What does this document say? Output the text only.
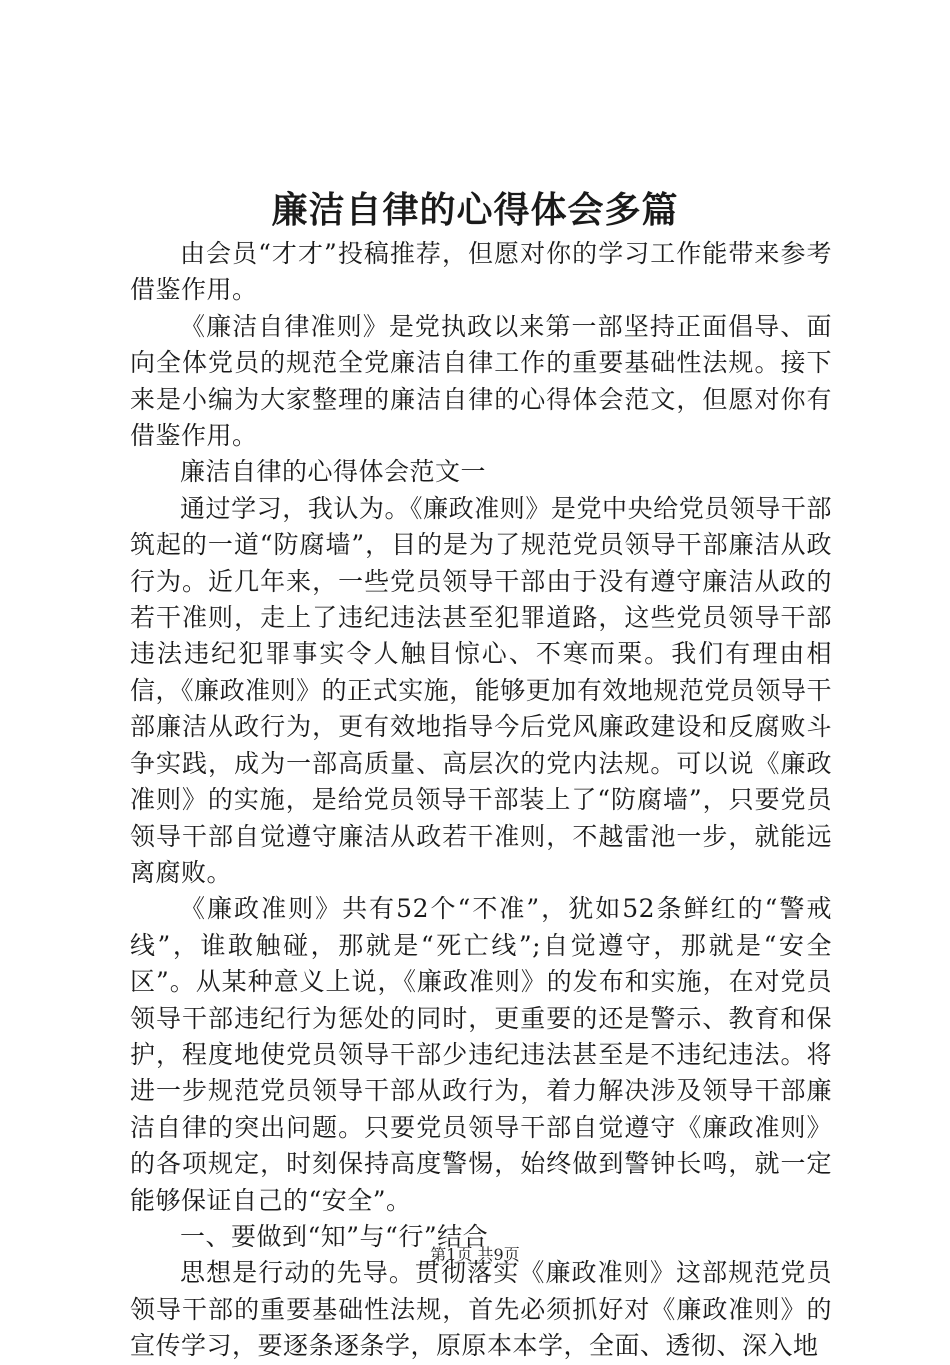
廉洁自律的心得体会多篇

由会员“才才”投稿推荐，但愿对你的学习工作能带来参考借鉴作用。

《廉洁自律准则》是党执政以来第一部坚持正面倡导、面向全体党员的规范全党廉洁自律工作的重要基础性法规。接下来是小编为大家整理的廉洁自律的心得体会范文，但愿对你有借鉴作用。

廉洁自律的心得体会范文一

通过学习，我认为。《廉政准则》是党中央给党员领导干部筑起的一道“防腐墙”，目的是为了规范党员领导干部廉洁从政行为。近几年来，一些党员领导干部由于没有遵守廉洁从政的若干准则，走上了违纪违法甚至犯罪道路，这些党员领导干部违法违纪犯罪事实令人触目惊心、不寒而栗。我们有理由相信，《廉政准则》的正式实施，能够更加有效地规范党员领导干部廉洁从政行为，更有效地指导今后党风廉政建设和反腐败斗争实践，成为一部高质量、高层次的党内法规。可以说《廉政准则》的实施，是给党员领导干部装上了“防腐墙”，只要党员领导干部自觉遵守廉洁从政若干准则，不越雷池一步，就能远离腐败。

《廉政准则》共有52个“不准”，犹如52条鲜红的“警戒线”，谁敢触碰，那就是“死亡线”;自觉遵守，那就是“安全区”。从某种意义上说，《廉政准则》的发布和实施，在对党员领导干部违纪行为惩处的同时，更重要的还是警示、教育和保护，程度地使党员领导干部少违纪违法甚至是不违纪违法。将进一步规范党员领导干部从政行为，着力解决涉及领导干部廉洁自律的突出问题。只要党员领导干部自觉遵守《廉政准则》的各项规定，时刻保持高度警惕，始终做到警钟长鸣，就一定能够保证自己的“安全”。

一、要做到“知”与“行”结合

思想是行动的先导。贯彻落实《廉政准则》这部规范党员领导干部的重要基础性法规，首先必须抓好对《廉政准则》的宣传学习，要逐条逐条学，原原本本学，全面、透彻、深入地

第1页 共9页
